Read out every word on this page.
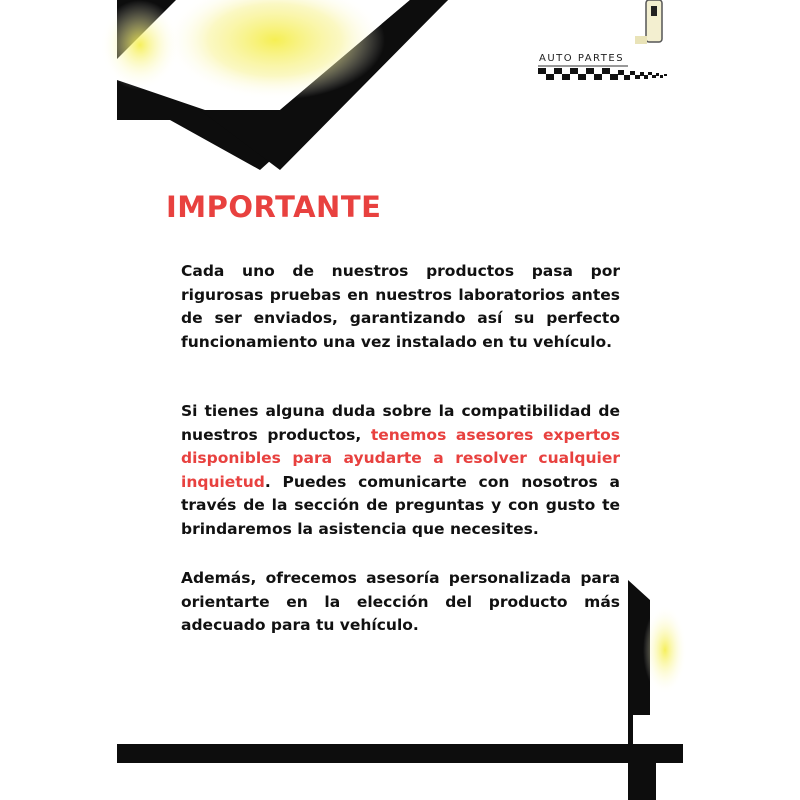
AUTO PARTES
IMPORTANTE

Cada uno de nuestros productos pasa por rigurosas pruebas en nuestros laboratorios antes de ser enviados, garantizando así su perfecto funcionamiento una vez instalado en tu vehículo.

Si tienes alguna duda sobre la compatibilidad de nuestros productos, tenemos asesores expertos disponibles para ayudarte a resolver cualquier inquietud. Puedes comunicarte con nosotros a través de la sección de preguntas y con gusto te brindaremos la asistencia que necesites.

Además, ofrecemos asesoría personalizada para orientarte en la elección del producto más adecuado para tu vehículo.
